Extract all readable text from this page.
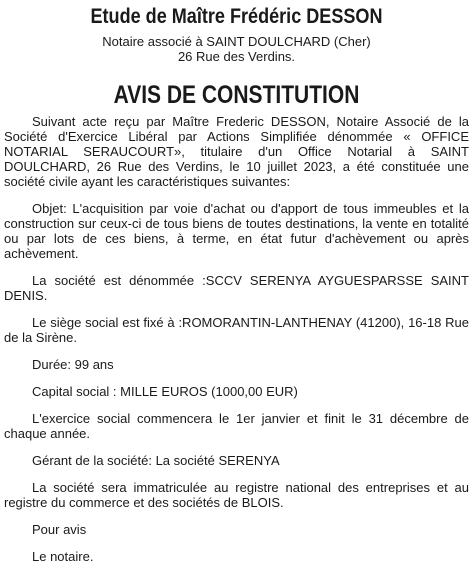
Etude de Maître Frédéric DESSON
Notaire associé à SAINT DOULCHARD (Cher)
26 Rue des Verdins.
AVIS DE CONSTITUTION

Suivant acte reçu par Maître Frederic DESSON, Notaire Associé de la Société d'Exercice Libéral par Actions Simplifiée dénommée « OFFICE NOTARIAL SERAUCOURT», titulaire d'un Office Notarial à SAINT DOULCHARD, 26 Rue des Verdins, le 10 juillet 2023, a été constituée une société civile ayant les caractéristiques suivantes:

Objet: L'acquisition par voie d'achat ou d'apport de tous immeubles et la construction sur ceux-ci de tous biens de toutes destinations, la vente en totalité ou par lots de ces biens, à terme, en état futur d'achèvement ou après achèvement.

La société est dénommée :SCCV SERENYA AYGUESPARSSE SAINT DENIS.

Le siège social est fixé à :ROMORANTIN-LANTHENAY (41200), 16-18 Rue de la Sirène.

Durée: 99 ans

Capital social : MILLE EUROS (1000,00 EUR)

L'exercice social commencera le 1er janvier et finit le 31 décembre de chaque année.

Gérant de la société: La société SERENYA

La société sera immatriculée au registre national des entreprises et au registre du commerce et des sociétés de BLOIS.

Pour avis

Le notaire.
